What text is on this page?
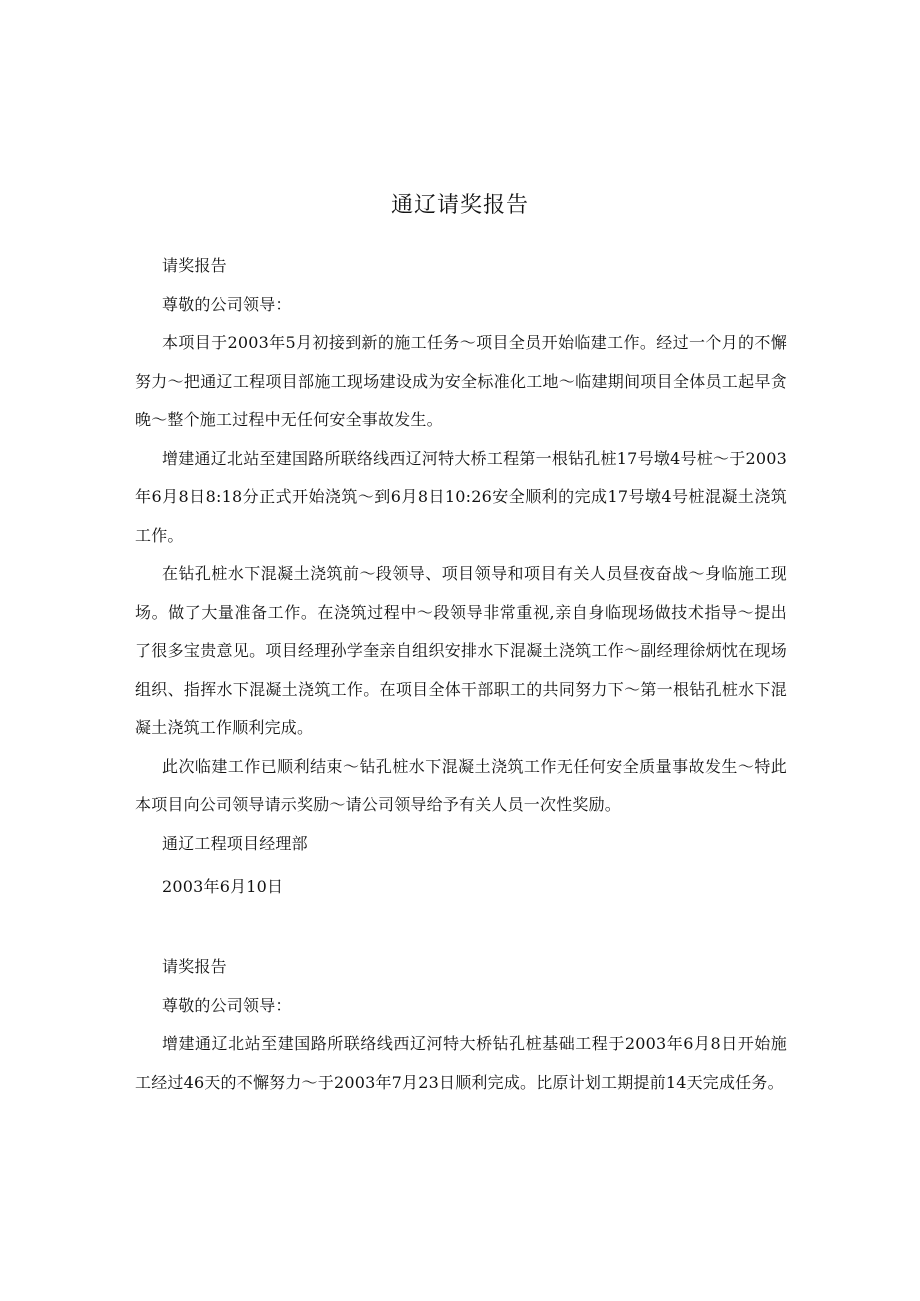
通辽请奖报告

请奖报告

尊敬的公司领导：

本项目于2003年5月初接到新的施工任务～项目全员开始临建工作。经过一个月的不懈努力～把通辽工程项目部施工现场建设成为安全标准化工地～临建期间项目全体员工起早贪晚～整个施工过程中无任何安全事故发生。

增建通辽北站至建国路所联络线西辽河特大桥工程第一根钻孔桩17号墩4号桩～于2003年6月8日8:18分正式开始浇筑～到6月8日10:26安全顺利的完成17号墩4号桩混凝土浇筑工作。

在钻孔桩水下混凝土浇筑前～段领导、项目领导和项目有关人员昼夜奋战～身临施工现场。做了大量准备工作。在浇筑过程中～段领导非常重视,亲自身临现场做技术指导～提出了很多宝贵意见。项目经理孙学奎亲自组织安排水下混凝土浇筑工作～副经理徐炳忱在现场组织、指挥水下混凝土浇筑工作。在项目全体干部职工的共同努力下～第一根钻孔桩水下混凝土浇筑工作顺利完成。

此次临建工作已顺利结束～钻孔桩水下混凝土浇筑工作无任何安全质量事故发生～特此本项目向公司领导请示奖励～请公司领导给予有关人员一次性奖励。

通辽工程项目经理部

2003年6月10日

请奖报告

尊敬的公司领导：

增建通辽北站至建国路所联络线西辽河特大桥钻孔桩基础工程于2003年6月8日开始施工经过46天的不懈努力～于2003年7月23日顺利完成。比原计划工期提前14天完成任务。
